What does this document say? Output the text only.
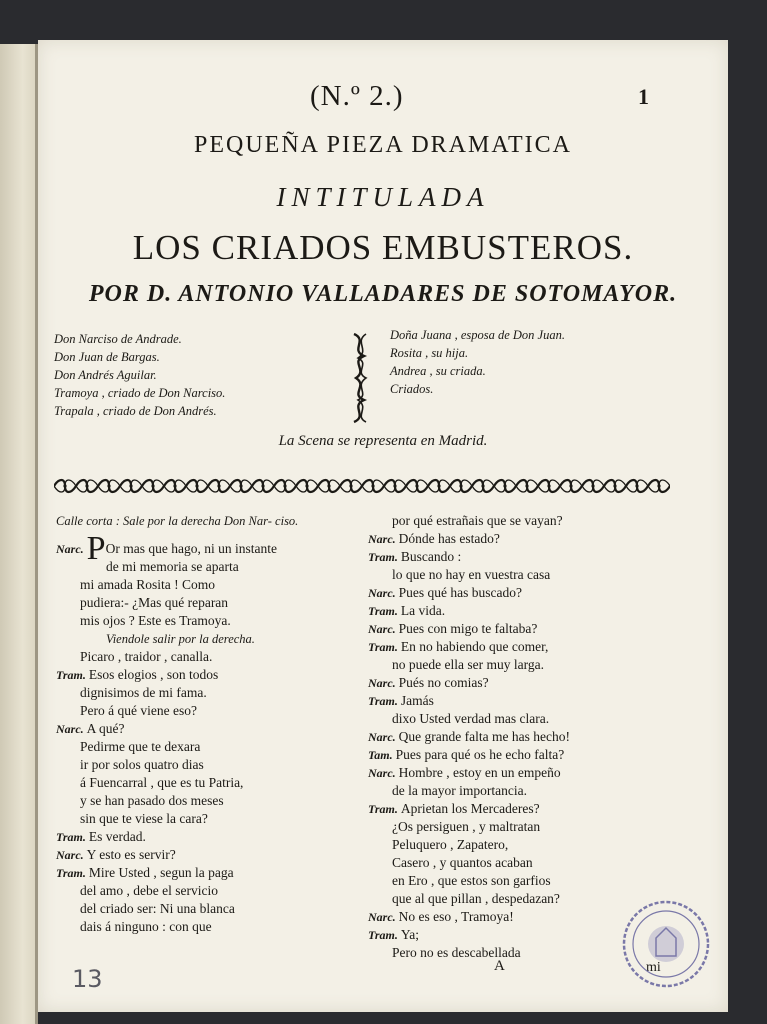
(N.º 2.)	1
PEQUEÑA PIEZA DRAMATICA
INTITULADA
LOS CRIADOS EMBUSTEROS.
POR D. ANTONIO VALLADARES DE SOTOMAYOR.
Don Narciso de Andrade.
Don Juan de Bargas.
Don Andrés Aguilar.
Tramoya , criado de Don Narciso.
Trapala , criado de Don Andrés.
Doña Juana , esposa de Don Juan.
Rosita , su hija.
Andrea , su criada.
Criados.
La Scena se representa en Madrid.

Calle corta : Sale por la derecha Don Nar- ciso.

Narc. POr mas que hago, ni un instante

de mi memoria se aparta

mi amada Rosita ! Como

pudiera:- ¿Mas qué reparan

mis ojos ? Este es Tramoya.

Viendole salir por la derecha.

Picaro , traidor , canalla.

Tram. Esos elogios , son todos

dignisimos de mi fama.

Pero á qué viene eso?

Narc. A qué?

Pedirme que te dexara

ir por solos quatro dias

á Fuencarral , que es tu Patria,

y se han pasado dos meses

sin que te viese la cara?

Tram. Es verdad.

Narc. Y esto es servir?

Tram. Mire Usted , segun la paga

del amo , debe el servicio

del criado ser: Ni una blanca

dais á ninguno : con que

por qué estrañais que se vayan?

Narc. Dónde has estado?

Tram. Buscando :

lo que no hay en vuestra casa

Narc. Pues qué has buscado?

Tram. La vida.

Narc. Pues con migo te faltaba?

Tram. En no habiendo que comer,

no puede ella ser muy larga.

Narc. Pués no comias?

Tram. Jamás

dixo Usted verdad mas clara.

Narc. Que grande falta me has hecho!

Tam. Pues para qué os he echo falta?

Narc. Hombre , estoy en un empeño

de la mayor importancia.

Tram. Aprietan los Mercaderes?

¿Os persiguen , y maltratan

Peluquero , Zapatero,

Casero , y quantos acaban

en Ero , que estos son garfios

que al que pillan , despedazan?

Narc. No es eso , Tramoya!

Tram. Ya;

Pero no es descabellada

A	mi
13
